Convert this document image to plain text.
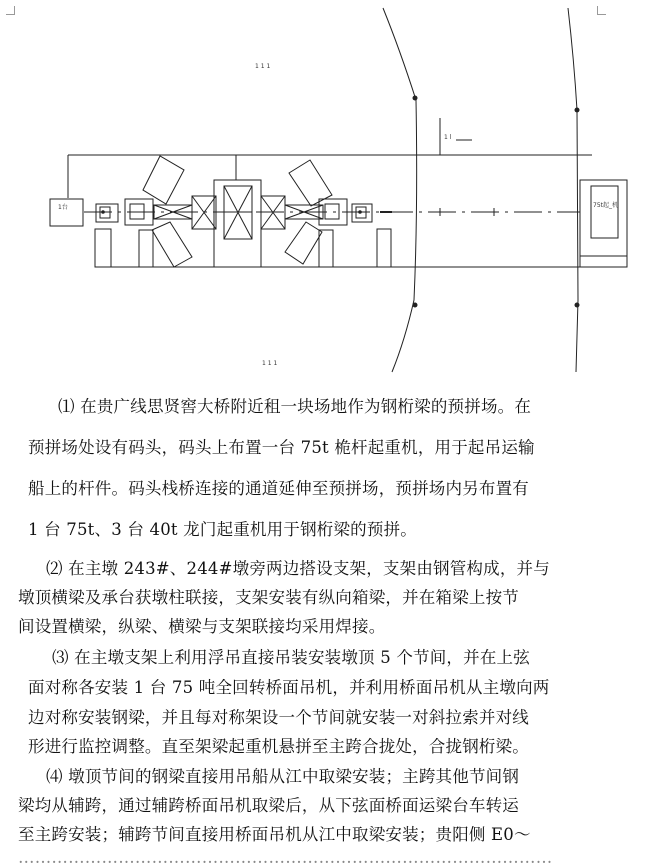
1台	75t起_机
1 1 1
1 l
1 1 1
⑴ 在贵广线思贤窖大桥附近租一块场地作为钢桁梁的预拼场。在
预拼场处设有码头，码头上布置一台 75t 桅杆起重机，用于起吊运输
船上的杆件。码头栈桥连接的通道延伸至预拼场，预拼场内另布置有
1 台 75t、3 台 40t 龙门起重机用于钢桁梁的预拼。
⑵ 在主墩 243#、244#墩旁两边搭设支架，支架由钢管构成，并与
墩顶横梁及承台获墩柱联接，支架安装有纵向箱梁，并在箱梁上按节
间设置横梁，纵梁、横梁与支架联接均采用焊接。
⑶ 在主墩支架上利用浮吊直接吊装安装墩顶 5 个节间，并在上弦
面对称各安装 1 台 75 吨全回转桥面吊机，并利用桥面吊机从主墩向两
边对称安装钢梁，并且每对称架设一个节间就安装一对斜拉索并对线
形进行监控调整。直至架梁起重机悬拼至主跨合拢处，合拢钢桁梁。
⑷ 墩顶节间的钢梁直接用吊船从江中取梁安装；主跨其他节间钢
梁均从辅跨，通过辅跨桥面吊机取梁后，从下弦面桥面运梁台车转运
至主跨安装；辅跨节间直接用桥面吊机从江中取梁安装；贵阳侧 E0～
……………………………………………………………………………………
